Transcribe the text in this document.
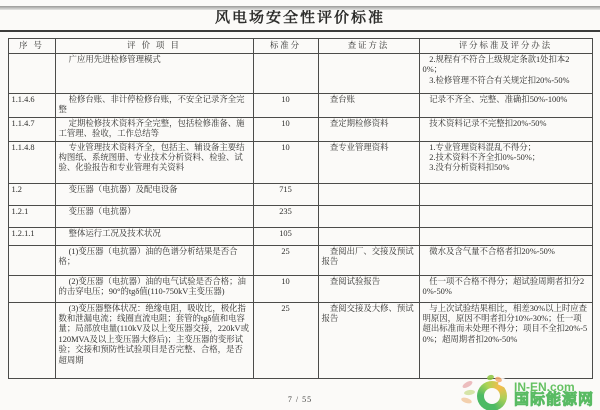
风电场安全性评价标准
序 号	评 价 项 目	标准分	查证方法	评分标准及评分办法

	广应用先进检修管理模式			2.规程有不符合上级规定条款1处扣本20%；
3.检修管理不符合有关规定扣20%-50%

1.1.4.6	检修台账、非计停检修台账，不安全记录齐全完整	10	查台账	记录不齐全、完整、准确扣50%-100%

1.1.4.7	定期检修技术资料齐全完整，包括检修准备、施工管理、验收，工作总结等	10	查定期检修资料	技术资料记录不完整扣20%-50%

1.1.4.8	专业管理技术资料齐全，包括主、辅设备主要结构图纸、系统图册、专业技术分析资料、检验、试验、化验报告和专业管理有关资料	10	查专业管理资料	1.专业管理资料混乱不得分；
2.技术资料不齐全扣0%-50%；
3.没有分析资料扣50%

1.2	变压器（电抗器）及配电设备	715		
1.2.1	变压器（电抗器）	235		
1.2.1.1	整体运行工况及技术状况	105		

	(1)变压器（电抗器）油的色谱分析结果是否合格；	25	查阅出厂、交接及预试报告	微水及含气量不合格者扣20%-50%

	(2)变压器（电抗器）油的电气试验是否合格；油的击穿电压；90°的tgδ值(110-750kV主变压器)	10	查阅试验报告	任一项不合格不得分；超试验周期者扣分20%-50%

	(3)变压器整体状况：绝缘电阻，吸收比，极化指数和泄漏电流；线圈直流电阻；套管的tgδ值和电容量；局部放电量(110kV及以上变压器交接，220kV或120MVA及以上变压器大修后)；主变压器的变形试验；交接和预防性试验项目是否完整、合格，是否超周期	25	查阅交接及大修、预试报告	与上次试验结果相比，相差30%以上时应查明原因，原因不明者扣分10%-30%；任一项超出标准而未处理不得分；项目不全扣20%-50%；超周期者扣20%-50%
7 / 55
IN-EN.com
国际能源网
